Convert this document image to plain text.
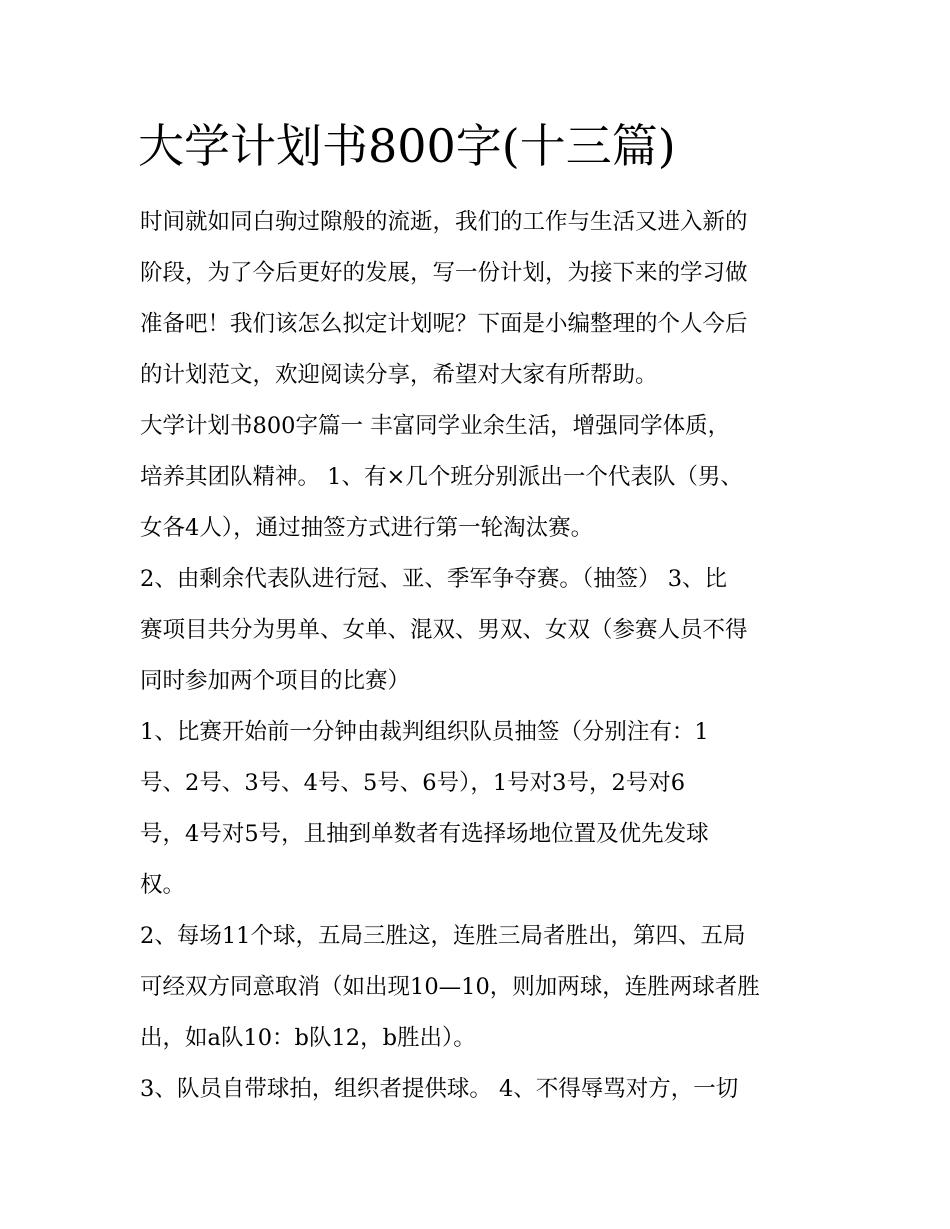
大学计划书800字(十三篇)

时间就如同白驹过隙般的流逝，我们的工作与生活又进入新的
阶段，为了今后更好的发展，写一份计划，为接下来的学习做
准备吧！我们该怎么拟定计划呢？下面是小编整理的个人今后
的计划范文，欢迎阅读分享，希望对大家有所帮助。

大学计划书800字篇一 丰富同学业余生活，增强同学体质，
培养其团队精神。 1、有×几个班分别派出一个代表队（男、
女各4人），通过抽签方式进行第一轮淘汰赛。

2、由剩余代表队进行冠、亚、季军争夺赛。（抽签） 3、比
赛项目共分为男单、女单、混双、男双、女双（参赛人员不得
同时参加两个项目的比赛）

1、比赛开始前一分钟由裁判组织队员抽签（分别注有：1
号、2号、3号、4号、5号、6号），1号对3号，2号对6
号，4号对5号，且抽到单数者有选择场地位置及优先发球
权。

2、每场11个球，五局三胜这，连胜三局者胜出，第四、五局
可经双方同意取消（如出现10—10，则加两球，连胜两球者胜
出，如a队10：b队12，b胜出）。

3、队员自带球拍，组织者提供球。 4、不得辱骂对方，一切
